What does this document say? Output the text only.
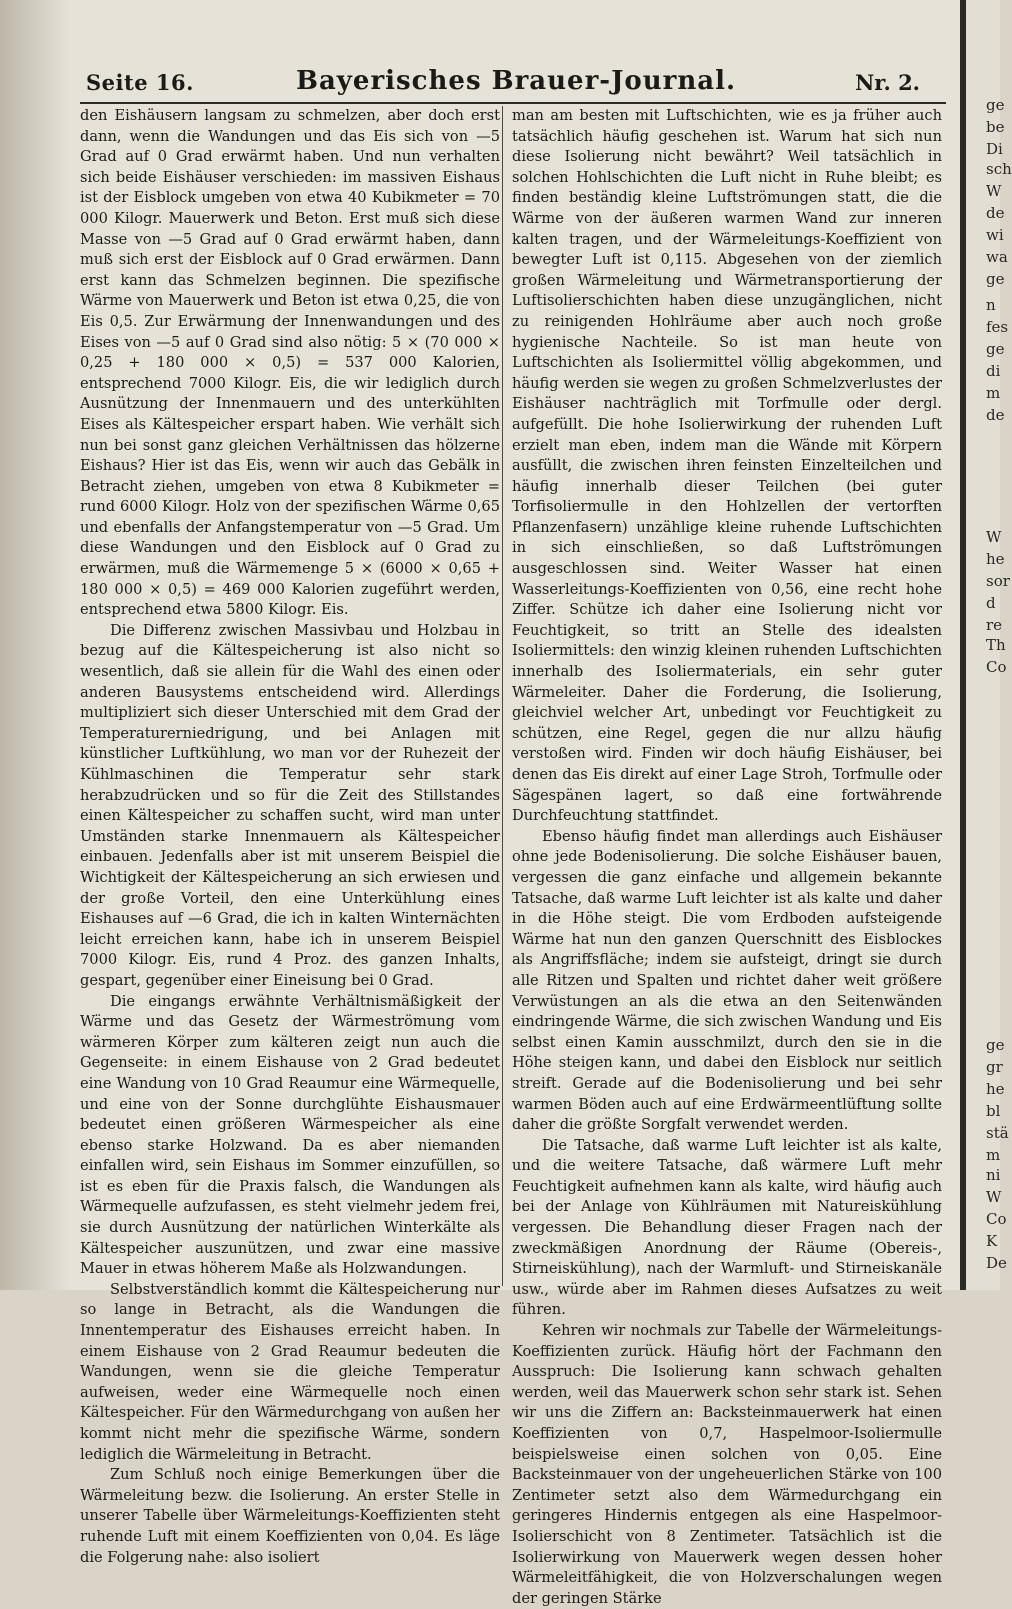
Seite 16.	Bayerisches Brauer-Journal.	Nr. 2.

den Eishäusern langsam zu schmelzen, aber doch erst dann, wenn die Wandungen und das Eis sich von —5 Grad auf 0 Grad erwärmt haben. Und nun verhalten sich beide Eishäuser verschieden: im massiven Eishaus ist der Eisblock umgeben von etwa 40 Kubikmeter = 70 000 Kilogr. Mauerwerk und Beton. Erst muß sich diese Masse von —5 Grad auf 0 Grad erwärmt haben, dann muß sich erst der Eisblock auf 0 Grad erwärmen. Dann erst kann das Schmelzen beginnen. Die spezifische Wärme von Mauerwerk und Beton ist etwa 0,25, die von Eis 0,5. Zur Erwärmung der Innenwandungen und des Eises von —5 auf 0 Grad sind also nötig: 5 × (70 000 × 0,25 + 180 000 × 0,5) = 537 000 Kalorien, entsprechend 7000 Kilogr. Eis, die wir lediglich durch Ausnützung der Innenmauern und des unterkühlten Eises als Kältespeicher erspart haben. Wie verhält sich nun bei sonst ganz gleichen Verhältnissen das hölzerne Eishaus? Hier ist das Eis, wenn wir auch das Gebälk in Betracht ziehen, umgeben von etwa 8 Kubikmeter = rund 6000 Kilogr. Holz von der spezifischen Wärme 0,65 und ebenfalls der Anfangstemperatur von —5 Grad. Um diese Wandungen und den Eisblock auf 0 Grad zu erwärmen, muß die Wärmemenge 5 × (6000 × 0,65 + 180 000 × 0,5) = 469 000 Kalorien zugeführt werden, entsprechend etwa 5800 Kilogr. Eis.

Die Differenz zwischen Massivbau und Holzbau in bezug auf die Kältespeicherung ist also nicht so wesentlich, daß sie allein für die Wahl des einen oder anderen Bausystems entscheidend wird. Allerdings multipliziert sich dieser Unterschied mit dem Grad der Temperaturerniedrigung, und bei Anlagen mit künstlicher Luftkühlung, wo man vor der Ruhezeit der Kühlmaschinen die Temperatur sehr stark herabzudrücken und so für die Zeit des Stillstandes einen Kältespeicher zu schaffen sucht, wird man unter Umständen starke Innenmauern als Kältespeicher einbauen. Jedenfalls aber ist mit unserem Beispiel die Wichtigkeit der Kältespeicherung an sich erwiesen und der große Vorteil, den eine Unterkühlung eines Eishauses auf —6 Grad, die ich in kalten Winternächten leicht erreichen kann, habe ich in unserem Beispiel 7000 Kilogr. Eis, rund 4 Proz. des ganzen Inhalts, gespart, gegenüber einer Eineisung bei 0 Grad.

Die eingangs erwähnte Verhältnismäßigkeit der Wärme und das Gesetz der Wärmeströmung vom wärmeren Körper zum kälteren zeigt nun auch die Gegenseite: in einem Eishause von 2 Grad bedeutet eine Wandung von 10 Grad Reaumur eine Wärmequelle, und eine von der Sonne durchglühte Eishausmauer bedeutet einen größeren Wärmespeicher als eine ebenso starke Holzwand. Da es aber niemanden einfallen wird, sein Eishaus im Sommer einzufüllen, so ist es eben für die Praxis falsch, die Wandungen als Wärmequelle aufzufassen, es steht vielmehr jedem frei, sie durch Ausnützung der natürlichen Winterkälte als Kältespeicher auszunützen, und zwar eine massive Mauer in etwas höherem Maße als Holzwandungen.

Selbstverständlich kommt die Kältespeicherung nur so lange in Betracht, als die Wandungen die Innentemperatur des Eishauses erreicht haben. In einem Eishause von 2 Grad Reaumur bedeuten die Wandungen, wenn sie die gleiche Temperatur aufweisen, weder eine Wärmequelle noch einen Kältespeicher. Für den Wärmedurchgang von außen her kommt nicht mehr die spezifische Wärme, sondern lediglich die Wärmeleitung in Betracht.

Zum Schluß noch einige Bemerkungen über die Wärmeleitung bezw. die Isolierung. An erster Stelle in unserer Tabelle über Wärmeleitungs-Koeffizienten steht ruhende Luft mit einem Koeffizienten von 0,04. Es läge die Folgerung nahe: also isoliert

man am besten mit Luftschichten, wie es ja früher auch tatsächlich häufig geschehen ist. Warum hat sich nun diese Isolierung nicht bewährt? Weil tatsächlich in solchen Hohlschichten die Luft nicht in Ruhe bleibt; es finden beständig kleine Luftströmungen statt, die die Wärme von der äußeren warmen Wand zur inneren kalten tragen, und der Wärmeleitungs-Koeffizient von bewegter Luft ist 0,115. Abgesehen von der ziemlich großen Wärmeleitung und Wärmetransportierung der Luftisolierschichten haben diese unzugänglichen, nicht zu reinigenden Hohlräume aber auch noch große hygienische Nachteile. So ist man heute von Luftschichten als Isoliermittel völlig abgekommen, und häufig werden sie wegen zu großen Schmelzverlustes der Eishäuser nachträglich mit Torfmulle oder dergl. aufgefüllt. Die hohe Isolierwirkung der ruhenden Luft erzielt man eben, indem man die Wände mit Körpern ausfüllt, die zwischen ihren feinsten Einzelteilchen und häufig innerhalb dieser Teilchen (bei guter Torfisoliermulle in den Hohlzellen der vertorften Pflanzenfasern) unzählige kleine ruhende Luftschichten in sich einschließen, so daß Luftströmungen ausgeschlossen sind. Weiter Wasser hat einen Wasserleitungs-Koeffizienten von 0,56, eine recht hohe Ziffer. Schütze ich daher eine Isolierung nicht vor Feuchtigkeit, so tritt an Stelle des idealsten Isoliermittels: den winzig kleinen ruhenden Luftschichten innerhalb des Isoliermaterials, ein sehr guter Wärmeleiter. Daher die Forderung, die Isolierung, gleichviel welcher Art, unbedingt vor Feuchtigkeit zu schützen, eine Regel, gegen die nur allzu häufig verstoßen wird. Finden wir doch häufig Eishäuser, bei denen das Eis direkt auf einer Lage Stroh, Torfmulle oder Sägespänen lagert, so daß eine fortwährende Durchfeuchtung stattfindet.

Ebenso häufig findet man allerdings auch Eishäuser ohne jede Bodenisolierung. Die solche Eishäuser bauen, vergessen die ganz einfache und allgemein bekannte Tatsache, daß warme Luft leichter ist als kalte und daher in die Höhe steigt. Die vom Erdboden aufsteigende Wärme hat nun den ganzen Querschnitt des Eisblockes als Angriffsfläche; indem sie aufsteigt, dringt sie durch alle Ritzen und Spalten und richtet daher weit größere Verwüstungen an als die etwa an den Seitenwänden eindringende Wärme, die sich zwischen Wandung und Eis selbst einen Kamin ausschmilzt, durch den sie in die Höhe steigen kann, und dabei den Eisblock nur seitlich streift. Gerade auf die Bodenisolierung und bei sehr warmen Böden auch auf eine Erdwärmeentlüftung sollte daher die größte Sorgfalt verwendet werden.

Die Tatsache, daß warme Luft leichter ist als kalte, und die weitere Tatsache, daß wärmere Luft mehr Feuchtigkeit aufnehmen kann als kalte, wird häufig auch bei der Anlage von Kühlräumen mit Natureiskühlung vergessen. Die Behandlung dieser Fragen nach der zweckmäßigen Anordnung der Räume (Obereis-, Stirneiskühlung), nach der Warmluft- und Stirneiskanäle usw., würde aber im Rahmen dieses Aufsatzes zu weit führen.

Kehren wir nochmals zur Tabelle der Wärmeleitungs-Koeffizienten zurück. Häufig hört der Fachmann den Ausspruch: Die Isolierung kann schwach gehalten werden, weil das Mauerwerk schon sehr stark ist. Sehen wir uns die Ziffern an: Backsteinmauerwerk hat einen Koeffizienten von 0,7, Haspelmoor-Isoliermulle beispielsweise einen solchen von 0,05. Eine Backsteinmauer von der ungeheuerlichen Stärke von 100 Zentimeter setzt also dem Wärmedurchgang ein geringeres Hindernis entgegen als eine Haspelmoor-Isolierschicht von 8 Zentimeter. Tatsächlich ist die Isolierwirkung von Mauerwerk wegen dessen hoher Wärmeleitfähigkeit, die von Holzverschalungen wegen der geringen Stärke

ge
be
Di
sch
W
de
wi
wa
ge
n
fes
ge
di
m
de
W
he
sor
d
re
Th
Co
ge
gr
he
bl
stä
m
ni
W
Co
K
De
